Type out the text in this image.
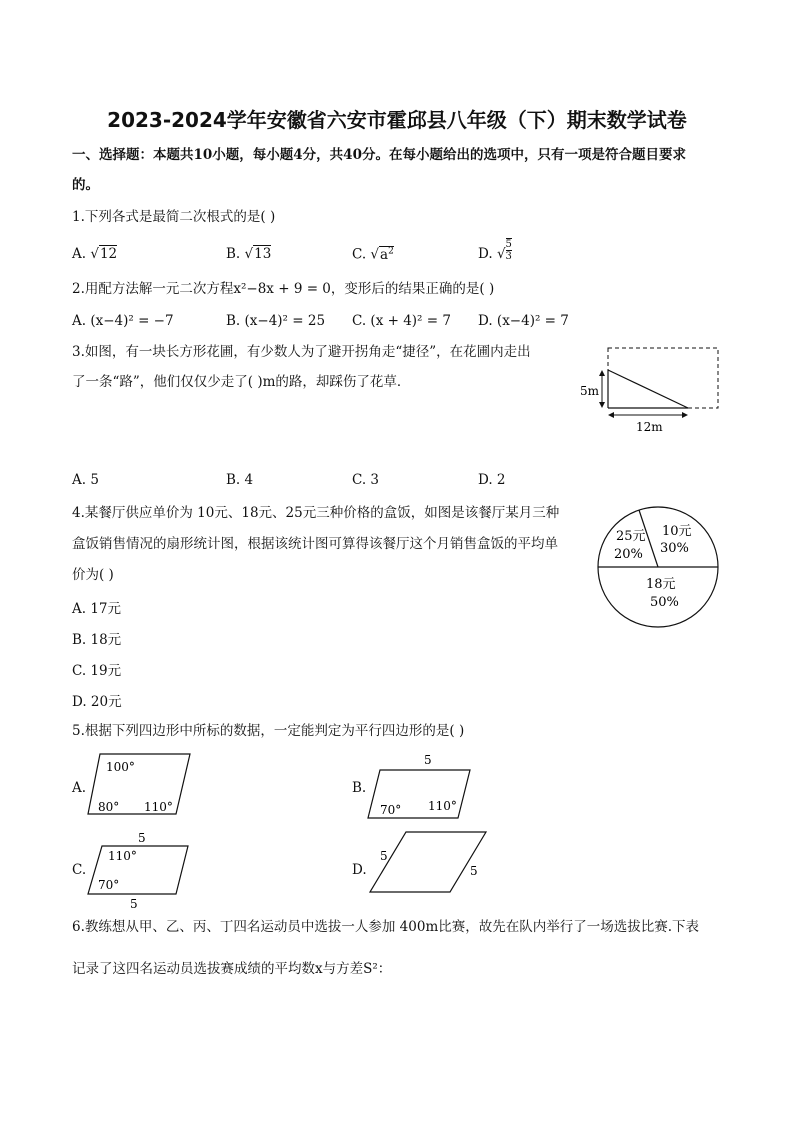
2023-2024学年安徽省六安市霍邱县八年级（下）期末数学试卷
一、选择题：本题共10小题，每小题4分，共40分。在每小题给出的选项中，只有一项是符合题目要求
的。
1.下列各式是最简二次根式的是( )
A. √12	B. √13	C. $√a^2$	D. √ $\frac{5}{3}$
2.用配方法解一元二次方程x²−8x + 9 = 0，变形后的结果正确的是( )
A. (x−4)² = −7	B. (x−4)² = 25 C. (x + 4)² = 7 D. (x−4)² = 7
3.如图，有一块长方形花圃，有少数人为了避开拐角走“捷径”，在花圃内走出
了一条“路”，他们仅仅少走了( )m的路，却踩伤了花草．
5m
12m
A. 5	B. 4	C. 3	D. 2
4.某餐厅供应单价为 10元、18元、25元三种价格的盒饭，如图是该餐厅某月三种
盒饭销售情况的扇形统计图，根据该统计图可算得该餐厅这个月销售盒饭的平均单
价为( )
A. 17元
B. 18元
C. 19元
D. 20元
10元
30%
18元
50%
25元
20%
5.根据下列四边形中所标的数据，一定能判定为平行四边形的是( )
A.
100°
80° 110°
B.
5
70° 110°
C.
5
110°
70°
5
D.
5
5
6.教练想从甲、乙、丙、丁四名运动员中选拔一人参加 400m比赛，故先在队内举行了一场选拔比赛.下表
记录了这四名运动员选拔赛成绩的平均数x与方差S²：
